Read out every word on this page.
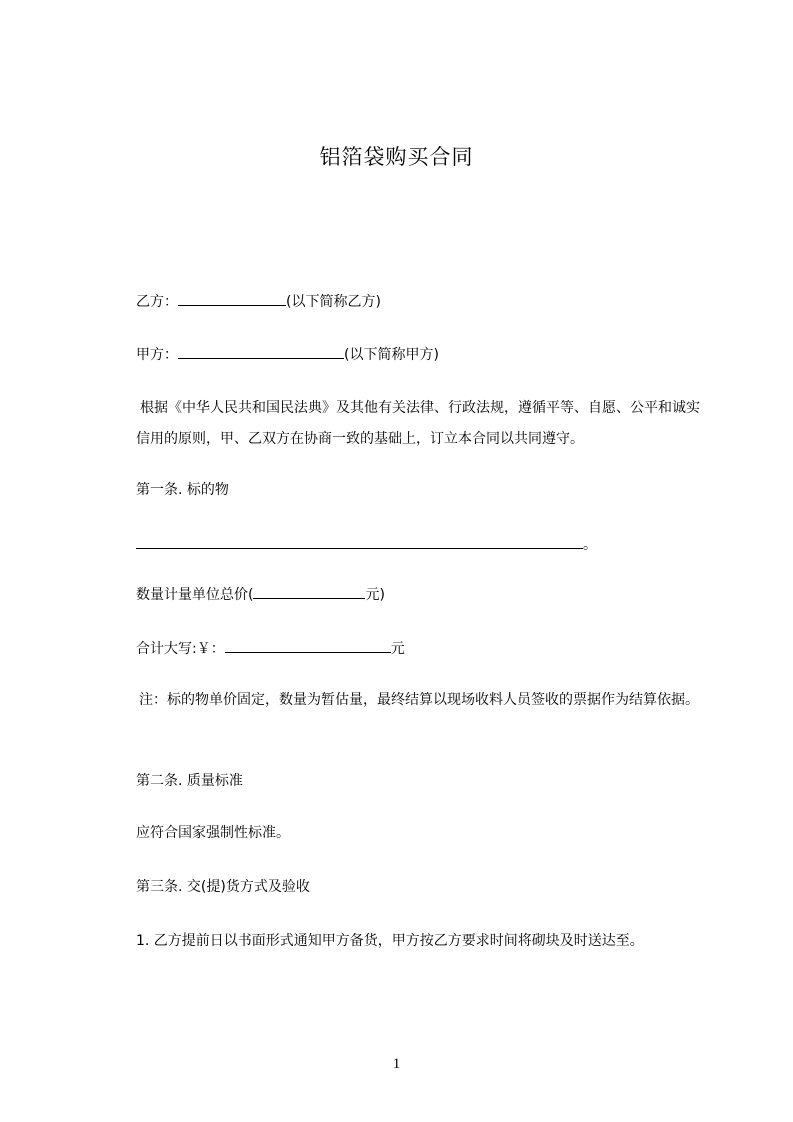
铝箔袋购买合同
乙方：	(以下简称乙方)
甲方：	(以下简称甲方)
根据《中华人民共和国民法典》及其他有关法律、行政法规，遵循平等、自愿、公平和诚实信用的原则，甲、乙双方在协商一致的基础上，订立本合同以共同遵守。
第一条. 标的物
。
数量计量单位总价(	元)
合计大写:￥：	元
注：标的物单价固定，数量为暂估量，最终结算以现场收料人员签收的票据作为结算依据。
第二条. 质量标准
应符合国家强制性标准。
第三条. 交(提)货方式及验收
1. 乙方提前日以书面形式通知甲方备货，甲方按乙方要求时间将砌块及时送达至。
1
